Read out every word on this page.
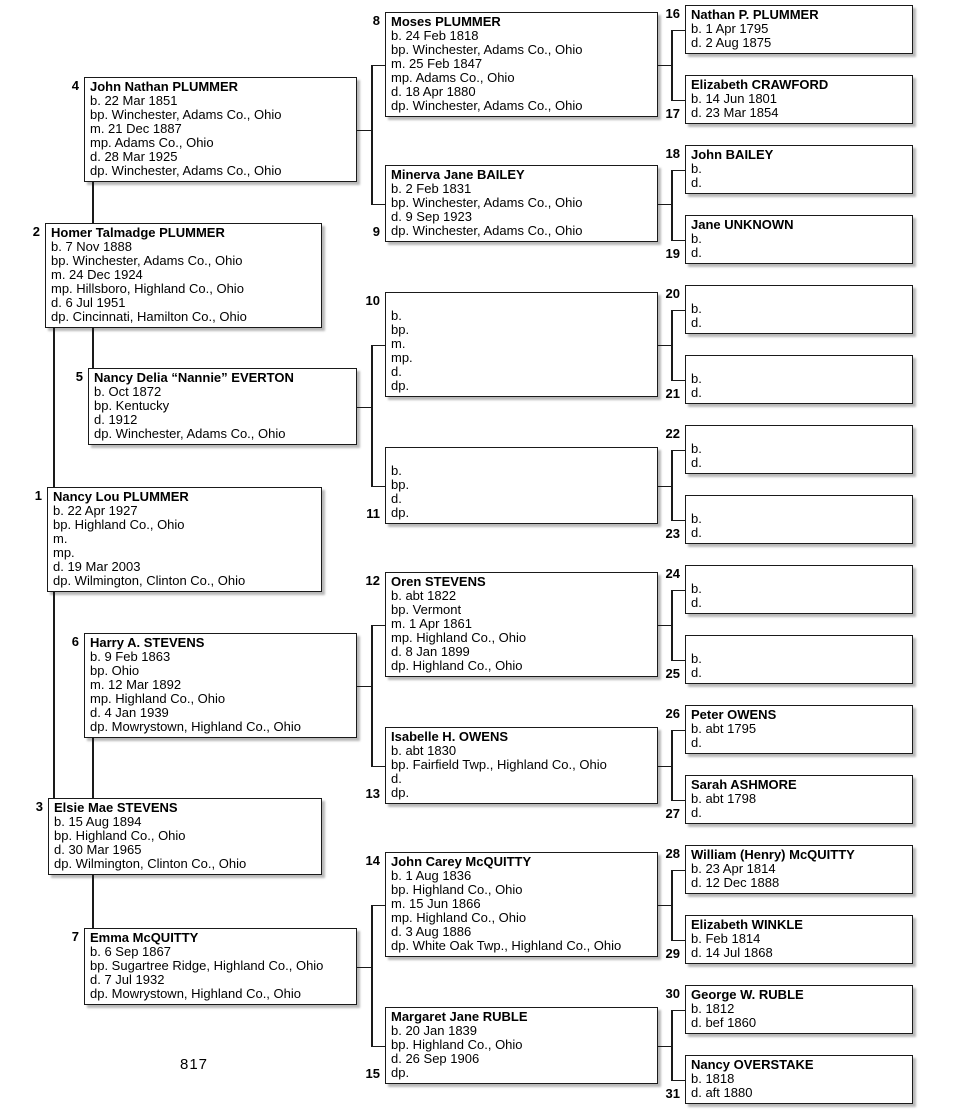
817
Nancy Lou PLUMMER
b. 22 Apr 1927
bp. Highland Co., Ohio
m.
mp.
d. 19 Mar 2003
dp. Wilmington, Clinton Co., Ohio
1
Homer Talmadge PLUMMER
b. 7 Nov 1888
bp. Winchester, Adams Co., Ohio
m. 24 Dec 1924
mp. Hillsboro, Highland Co., Ohio
d. 6 Jul 1951
dp. Cincinnati, Hamilton Co., Ohio
2
Elsie Mae STEVENS
b. 15 Aug 1894
bp. Highland Co., Ohio
d. 30 Mar 1965
dp. Wilmington, Clinton Co., Ohio
3
John Nathan PLUMMER
b. 22 Mar 1851
bp. Winchester, Adams Co., Ohio
m. 21 Dec 1887
mp. Adams Co., Ohio
d. 28 Mar 1925
dp. Winchester, Adams Co., Ohio
4
Nancy Delia “Nannie” EVERTON
b. Oct 1872
bp. Kentucky
d. 1912
dp. Winchester, Adams Co., Ohio
5
Harry A. STEVENS
b. 9 Feb 1863
bp. Ohio
m. 12 Mar 1892
mp. Highland Co., Ohio
d. 4 Jan 1939
dp. Mowrystown, Highland Co., Ohio
6
Emma McQUITTY
b. 6 Sep 1867
bp. Sugartree Ridge, Highland Co., Ohio
d. 7 Jul 1932
dp. Mowrystown, Highland Co., Ohio
7
Moses PLUMMER
b. 24 Feb 1818
bp. Winchester, Adams Co., Ohio
m. 25 Feb 1847
mp. Adams Co., Ohio
d. 18 Apr 1880
dp. Winchester, Adams Co., Ohio
8
Minerva Jane BAILEY
b. 2 Feb 1831
bp. Winchester, Adams Co., Ohio
d. 9 Sep 1923
dp. Winchester, Adams Co., Ohio
9
b.
bp.
m.
mp.
d.
dp.
10
b.
bp.
d.
dp.
11
Oren STEVENS
b. abt 1822
bp. Vermont
m. 1 Apr 1861
mp. Highland Co., Ohio
d. 8 Jan 1899
dp. Highland Co., Ohio
12
Isabelle H. OWENS
b. abt 1830
bp. Fairfield Twp., Highland Co., Ohio
d.
dp.
13
John Carey McQUITTY
b. 1 Aug 1836
bp. Highland Co., Ohio
m. 15 Jun 1866
mp. Highland Co., Ohio
d. 3 Aug 1886
dp. White Oak Twp., Highland Co., Ohio
14
Margaret Jane RUBLE
b. 20 Jan 1839
bp. Highland Co., Ohio
d. 26 Sep 1906
dp.
15
Nathan P. PLUMMER
b. 1 Apr 1795
d. 2 Aug 1875
16
Elizabeth CRAWFORD
b. 14 Jun 1801
d. 23 Mar 1854
17
John BAILEY
b.
d.
18
Jane UNKNOWN
b.
d.
19
b.
d.
20
b.
d.
21
b.
d.
22
b.
d.
23
b.
d.
24
b.
d.
25
Peter OWENS
b. abt 1795
d.
26
Sarah ASHMORE
b. abt 1798
d.
27
William (Henry) McQUITTY
b. 23 Apr 1814
d. 12 Dec 1888
28
Elizabeth WINKLE
b. Feb 1814
d. 14 Jul 1868
29
George W. RUBLE
b. 1812
d. bef 1860
30
Nancy OVERSTAKE
b. 1818
d. aft 1880
31
